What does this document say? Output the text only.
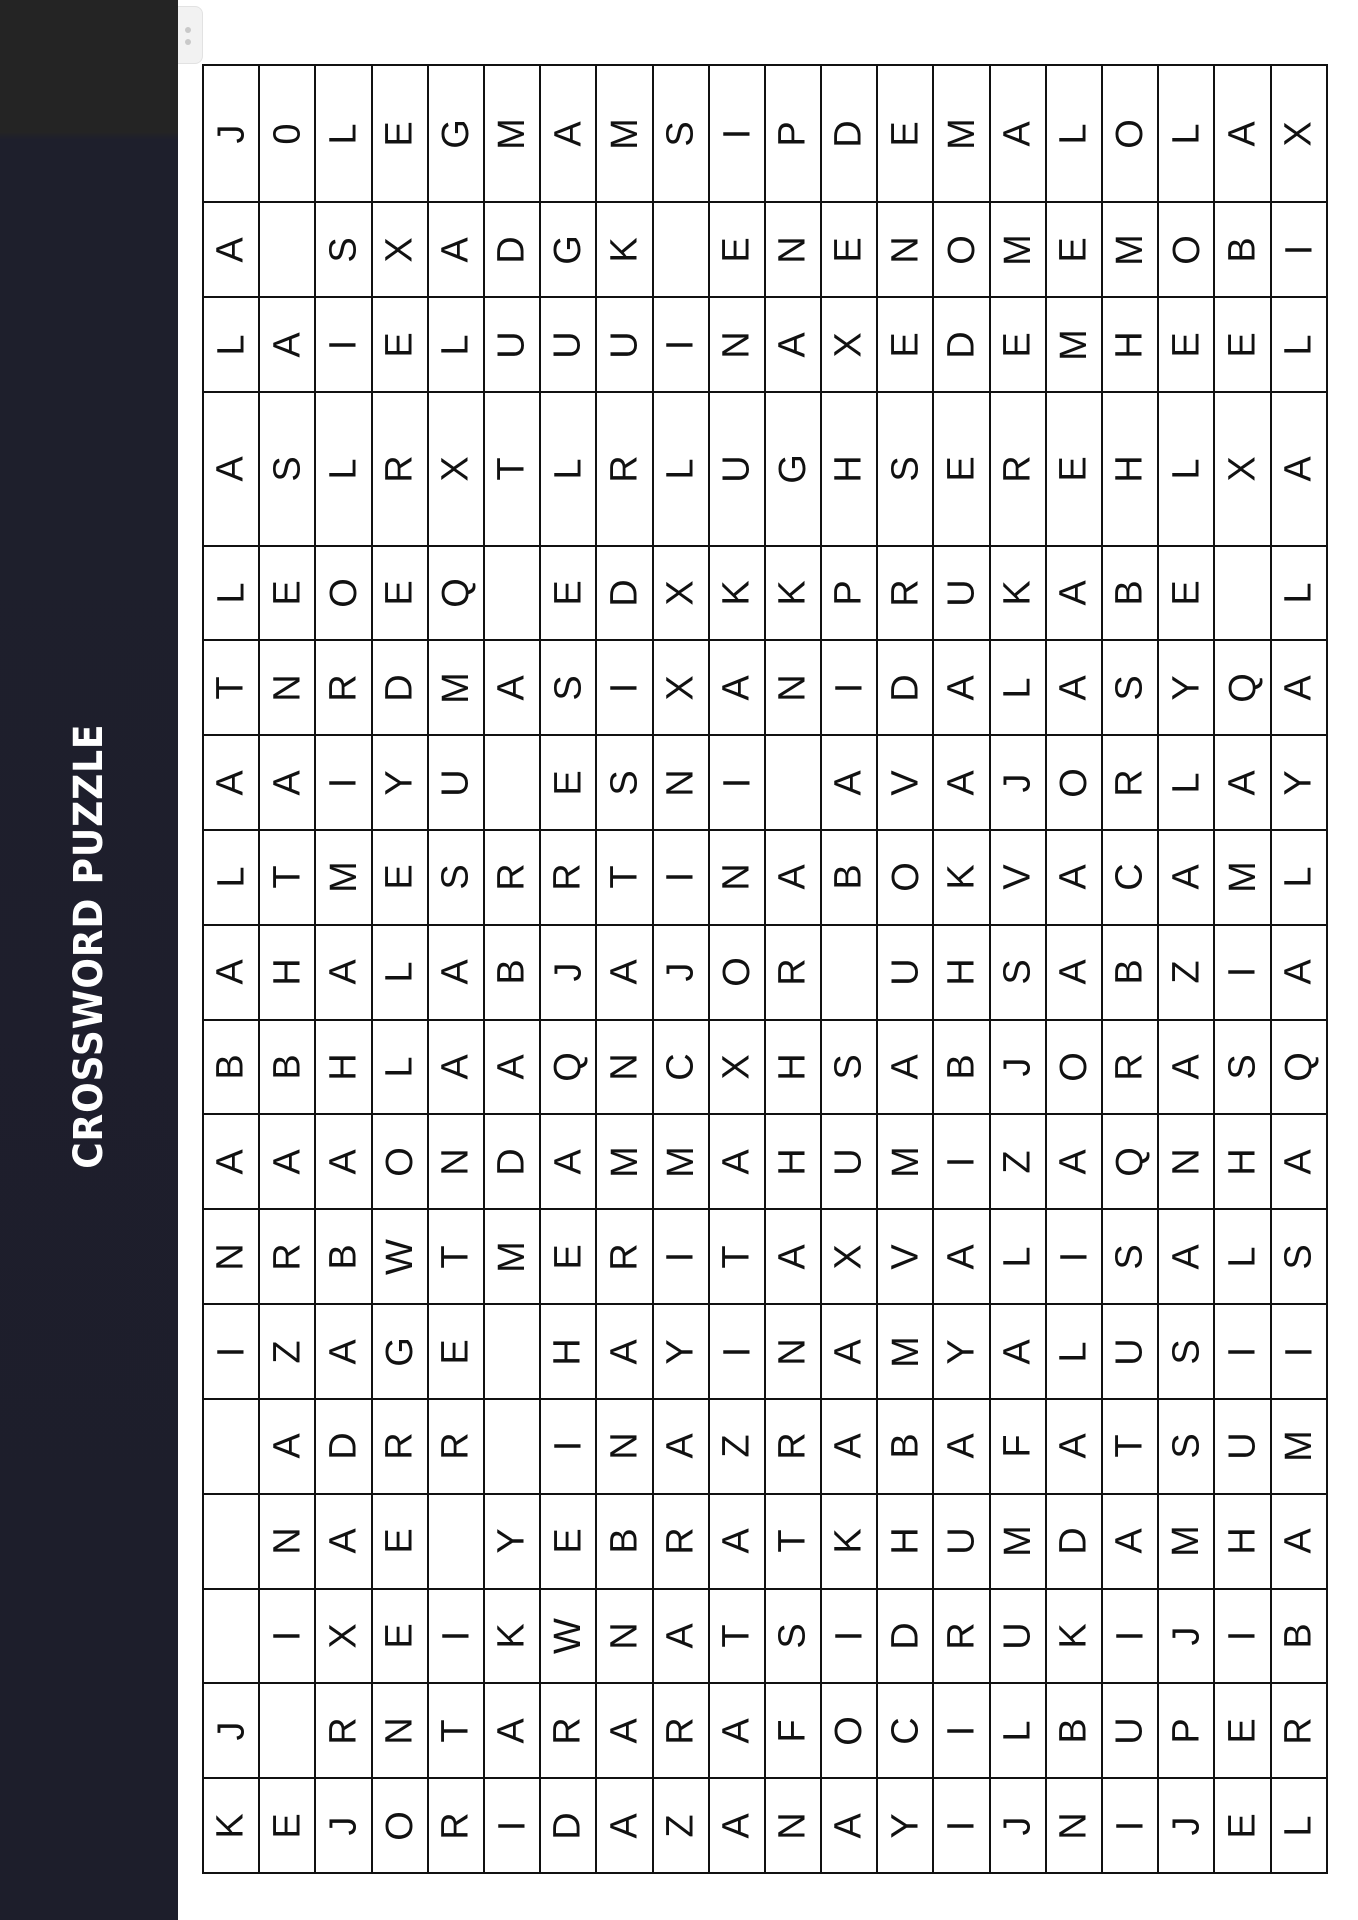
CROSSWORD PUZZLE
J	0	L	E	G	M	A	M	S	I	P	D	E	M	A	L	O	L	A	X
A		S	X	A	D	G	K		E	N	E	N	O	M	E	M	O	B	I
L	A	I	E	L	U	U	U	I	N	A	X	E	D	E	M	H	E	E	L
A	S	L	R	X	T	L	R	L	U	G	H	S	E	R	E	H	L	X	A
L	E	O	E	Q		E	D	X	K	K	P	R	U	K	A	B	E		L
T	N	R	D	M	A	S	I	X	A	N	I	D	A	L	A	S	Y	Q	A
A	A	I	Y	U		E	S	N	I		A	V	A	J	O	R	L	A	Y
L	T	M	E	S	R	R	T	I	N	A	B	O	K	V	A	C	A	M	L
A	H	A	L	A	B	J	A	J	O	R		U	H	S	A	B	Z	I	A
B	B	H	L	A	A	Q	N	C	X	H	S	A	B	J	O	R	A	S	Q
A	A	A	O	N	D	A	M	M	A	H	U	M	I	Z	A	Q	N	H	A
N	R	B	W	T	M	E	R	I	T	A	X	V	A	L	I	S	A	L	S
I	Z	A	G	E		H	A	Y	I	N	A	M	Y	A	L	U	S	I	I
	A	D	R	R		I	N	A	Z	R	A	B	A	F	A	T	S	U	M
	N	A	E		Y	E	B	R	A	T	K	H	U	M	D	A	M	H	A
	I	X	E	I	K	W	N	A	T	S	I	D	R	U	K	I	J	I	B
J		R	N	T	A	R	A	R	A	F	O	C	I	L	B	U	P	E	R
K	E	J	O	R	I	D	A	Z	A	N	A	Y	I	J	N	I	J	E	L
